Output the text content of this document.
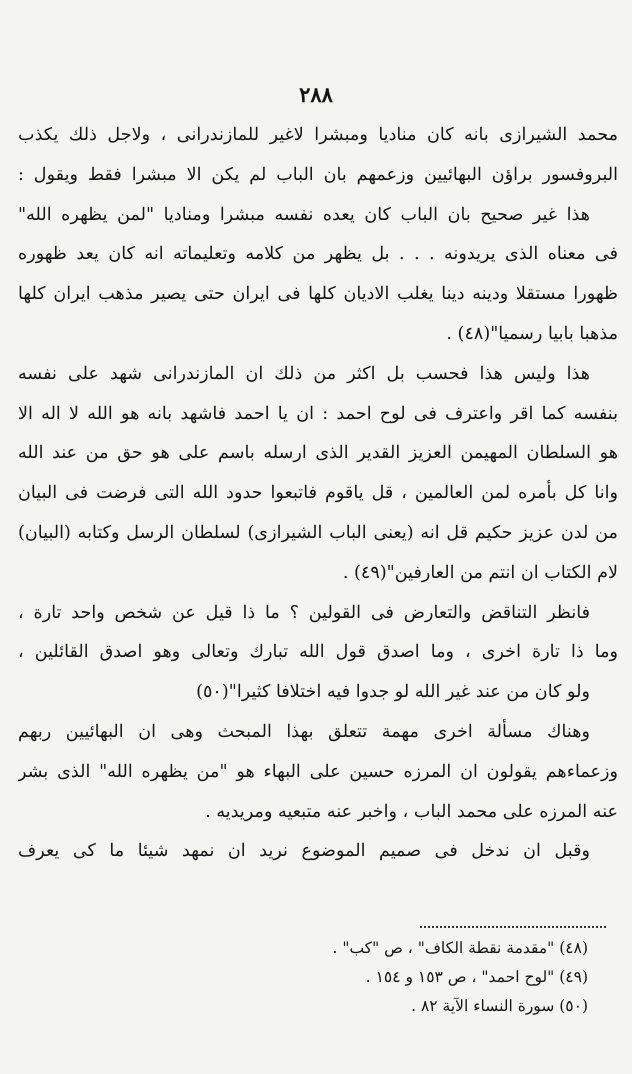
٢٨٨
محمد الشيرازى بانه كان مناديا ومبشرا لاغير للمازندرانى ، ولاجل ذلك يكذب
البروفسور براؤن البهائيين وزعمهم بان الباب لم يكن الا مبشرا فقط ويقول :
هذا غير صحيح بان الباب كان يعده نفسه مبشرا ومناديا "لمن يظهره الله"
فى معناه الذى يريدونه . . . بل يظهر من كلامه وتعليماته انه كان يعد ظهوره
ظهورا مستقلا ودينه دينا يغلب الاديان كلها فى ايران حتى يصير مذهب ايران كلها
مذهبا بابيا رسميا"(٤٨) .
هذا وليس هذا فحسب بل اكثر من ذلك ان المازندرانى شهد على نفسه
بنفسه كما اقر واعترف فى لوح احمد : ان يا احمد فاشهد بانه هو الله لا اله الا
هو السلطان المهيمن العزيز القدير الذى ارسله باسم على هو حق من عند الله
وانا كل بأمره لمن العالمين ، قل ياقوم فاتبعوا حدود الله التى فرضت فى البيان
من لدن عزيز حكيم قل انه (يعنى الباب الشيرازى) لسلطان الرسل وكتابه (البيان)
لام الكتاب ان انتم من العارفين"(٤٩) .
فانظر التناقض والتعارض فى القولين ؟ ما ذا قيل عن شخص واحد تارة ،
وما ذا تارة اخرى ، وما اصدق قول الله تبارك وتعالى وهو اصدق القائلين ،
ولو كان من عند غير الله لو جدوا فيه اختلافا كثيرا"(٥٠)
وهناك مسألة اخرى مهمة تتعلق بهذا المبحث وهى ان البهائيين ربهم
وزعماءهم يقولون ان المرزه حسين على البهاء هو "من يظهره الله" الذى بشر
عنه المرزه على محمد الباب ، واخبر عنه متبعيه ومريديه .
وقبل ان ندخل فى صميم الموضوع نريد ان نمهد شيئا ما كى يعرف
(٤٨) "مقدمة نقطة الكاف" ، ص "كب" .
(٤٩) "لوح احمد" ، ص ١٥٣ و ١٥٤ .
(٥٠) سورة النساء الآية ٨٢ .
